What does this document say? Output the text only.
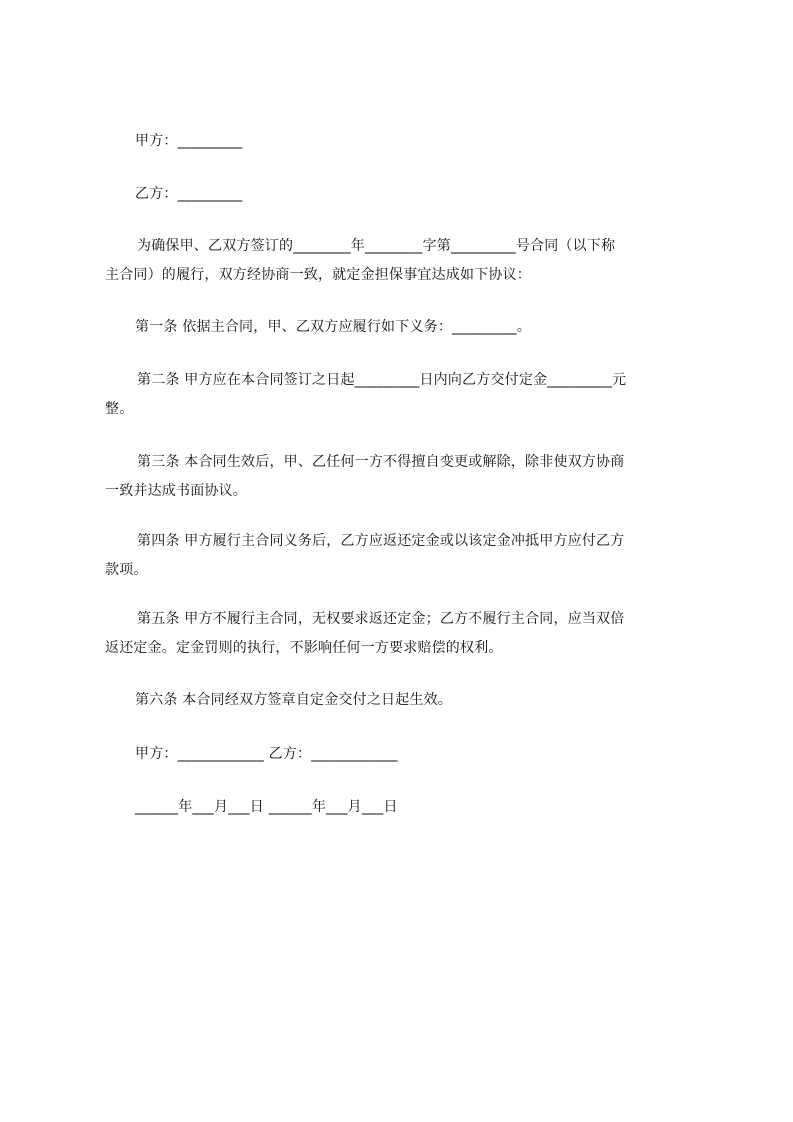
甲方：_________
乙方：_________
为确保甲、乙双方签订的________年________字第_________号合同（以下称
主合同）的履行，双方经协商一致，就定金担保事宜达成如下协议：
第一条 依据主合同，甲、乙双方应履行如下义务：_________。
第二条 甲方应在本合同签订之日起_________日内向乙方交付定金_________元
整。
第三条 本合同生效后，甲、乙任何一方不得擅自变更或解除，除非使双方协商
一致并达成书面协议。
第四条 甲方履行主合同义务后，乙方应返还定金或以该定金冲抵甲方应付乙方
款项。
第五条 甲方不履行主合同，无权要求返还定金；乙方不履行主合同，应当双倍
返还定金。定金罚则的执行，不影响任何一方要求赔偿的权利。
第六条 本合同经双方签章自定金交付之日起生效。
甲方：____________ 乙方：____________
______年___月___日 ______年___月___日
